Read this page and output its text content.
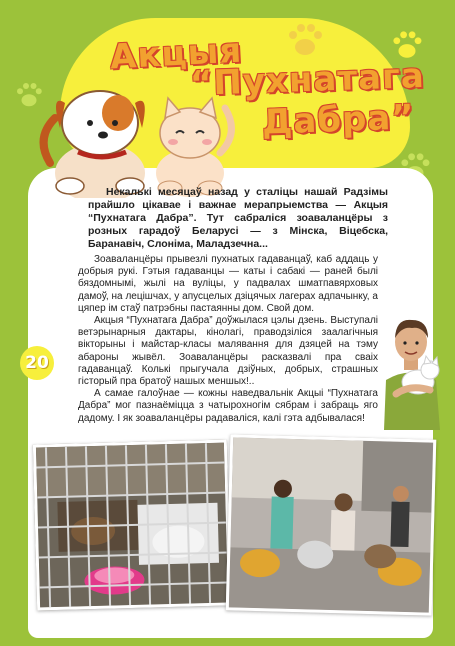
Акцыя
“Пухнатага
Дабра”

Некалькі месяцаў назад у сталіцы нашай Радзімы прайшло цікавае і важнае мерапрыемства — Акцыя “Пухнатага Дабра”. Тут сабраліся зоаваланцёры з розных гарадоў Беларусі — з Мінска, Віцебска, Баранавіч, Слоніма, Маладзечна...

Зоаваланцёры прывезлі пухнатых гадаванцаў, каб аддаць у добрыя рукі. Гэтыя гадаванцы — каты і сабакі — раней былі бяздомнымі, жылі на вуліцы, у падвалах шматпавярховых дамоў, на лецішчах, у апусцелых дзіцячых лагерах адпачынку, а цяпер ім стаў патрэбны пастаянны дом. Свой дом.

Акцыя “Пухнатага Дабра” доўжылася цэлы дзень. Выступалі ветэрынарныя дактары, кінолагі, праводзіліся заалагічныя вікторыны і майстар-класы малявання для дзяцей на тэму абароны жывёл. Зоаваланцёры расказвалі пра сваіх гадаванцаў. Колькі прыгучала дзіўных, добрых, страшных гісторый пра братоў нашых меншых!..

А самае галоўнае — кожны наведвальнік Акцыі “Пухнатага Дабра” мог пазнаёміцца з чатырохногім сябрам і забраць яго дадому. І як зоаваланцёры радаваліся, калі гэта адбывалася!

20
